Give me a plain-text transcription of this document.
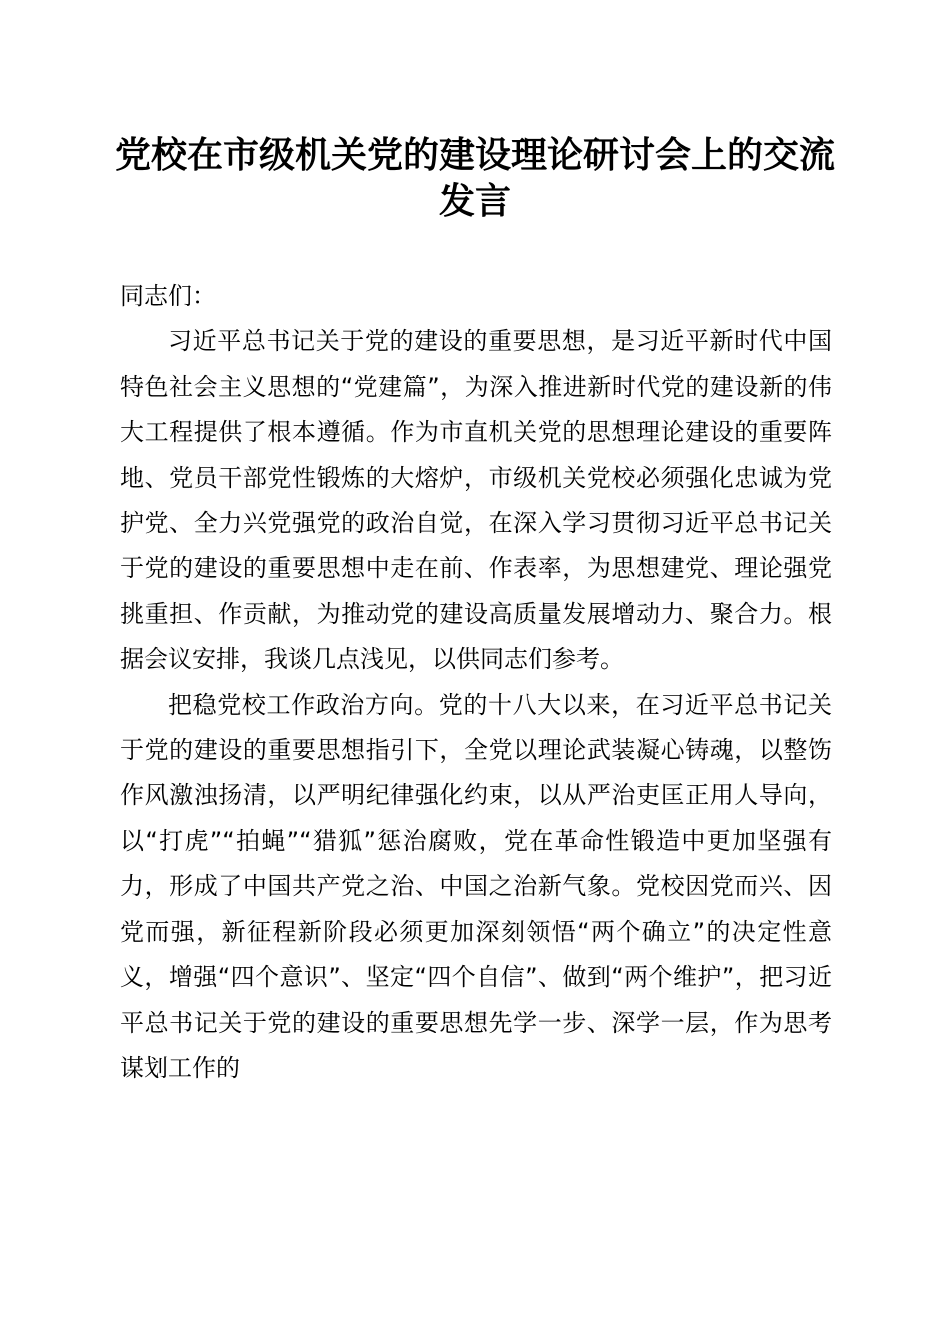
党校在市级机关党的建设理论研讨会上的交流发言

同志们：

习近平总书记关于党的建设的重要思想，是习近平新时代中国特色社会主义思想的“党建篇”，为深入推进新时代党的建设新的伟大工程提供了根本遵循。作为市直机关党的思想理论建设的重要阵地、党员干部党性锻炼的大熔炉，市级机关党校必须强化忠诚为党护党、全力兴党强党的政治自觉，在深入学习贯彻习近平总书记关于党的建设的重要思想中走在前、作表率，为思想建党、理论强党挑重担、作贡献，为推动党的建设高质量发展增动力、聚合力。根据会议安排，我谈几点浅见，以供同志们参考。

把稳党校工作政治方向。党的十八大以来，在习近平总书记关于党的建设的重要思想指引下，全党以理论武装凝心铸魂，以整饬作风激浊扬清，以严明纪律强化约束，以从严治吏匡正用人导向，以“打虎”“拍蝇”“猎狐”惩治腐败，党在革命性锻造中更加坚强有力，形成了中国共产党之治、中国之治新气象。党校因党而兴、因党而强，新征程新阶段必须更加深刻领悟“两个确立”的决定性意义，增强“四个意识”、坚定“四个自信”、做到“两个维护”，把习近平总书记关于党的建设的重要思想先学一步、深学一层，作为思考谋划工作的
